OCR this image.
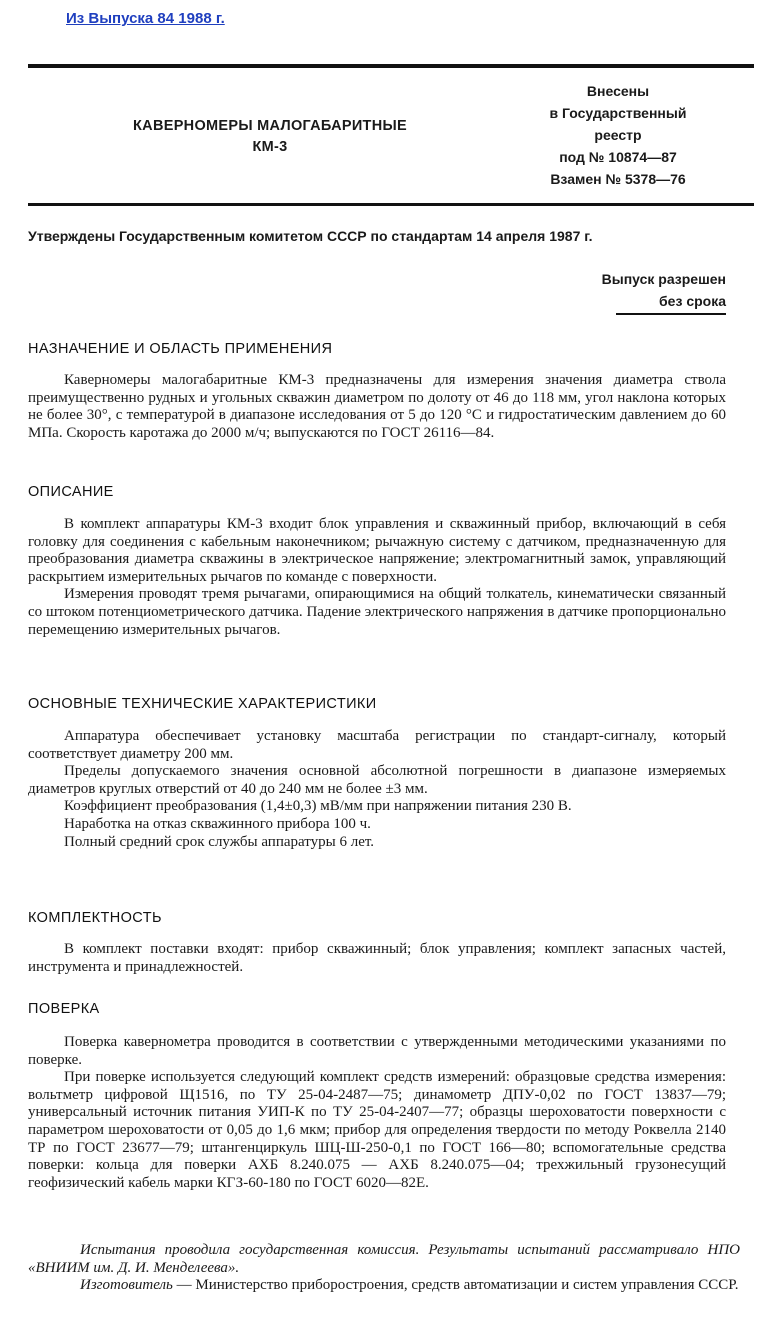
Из Выпуска 84 1988 г.
КАВЕРНОМЕРЫ МАЛОГАБАРИТНЫЕ
КМ-3
Внесены
в Государственный
реестр
под № 10874—87
Взамен № 5378—76
Утверждены Государственным комитетом СССР по стандартам 14 апреля 1987 г.
Выпуск разрешен
без срока
НАЗНАЧЕНИЕ И ОБЛАСТЬ ПРИМЕНЕНИЯ

Каверномеры малогабаритные КМ-3 предназначены для измерения значения диаметра ствола преимущественно рудных и угольных скважин диаметром по долоту от 46 до 118 мм, угол наклона которых не более 30°, с температурой в диапазоне исследования от 5 до 120 °С и гидростатическим давлением до 60 МПа. Скорость каротажа до 2000 м/ч; выпускаются по ГОСТ 26116—84.

ОПИСАНИЕ

В комплект аппаратуры КМ-3 входит блок управления и скважинный прибор, включающий в себя головку для соединения с кабельным наконечником; рычажную систему с датчиком, предназначенную для преобразования диаметра скважины в электрическое напряжение; электромагнитный замок, управляющий раскрытием измерительных рычагов по команде с поверхности.

Измерения проводят тремя рычагами, опирающимися на общий толкатель, кинематически связанный со штоком потенциометрического датчика. Падение электрического напряжения в датчике пропорционально перемещению измерительных рычагов.

ОСНОВНЫЕ ТЕХНИЧЕСКИЕ ХАРАКТЕРИСТИКИ

Аппаратура обеспечивает установку масштаба регистрации по стандарт-сигналу, который соответствует диаметру 200 мм.

Пределы допускаемого значения основной абсолютной погрешности в диапазоне измеряемых диаметров круглых отверстий от 40 до 240 мм не более ±3 мм.

Коэффициент преобразования (1,4±0,3) мВ/мм при напряжении питания 230 В.

Наработка на отказ скважинного прибора 100 ч.

Полный средний срок службы аппаратуры 6 лет.

КОМПЛЕКТНОСТЬ

В комплект поставки входят: прибор скважинный; блок управления; комплект запасных частей, инструмента и принадлежностей.

ПОВЕРКА

Поверка кавернометра проводится в соответствии с утвержденными методическими указаниями по поверке.

При поверке используется следующий комплект средств измерений: образцовые средства измерения: вольтметр цифровой Щ1516, по ТУ 25-04-2487—75; динамометр ДПУ-0,02 по ГОСТ 13837—79; универсальный источник питания УИП-К по ТУ 25-04-2407—77; образцы шероховатости поверхности с параметром шероховатости от 0,05 до 1,6 мкм; прибор для определения твердости по методу Роквелла 2140 ТР по ГОСТ 23677—79; штангенциркуль ШЦ-Ш-250-0,1 по ГОСТ 166—80; вспомогательные средства поверки: кольца для поверки АХБ 8.240.075 — АХБ 8.240.075—04; трехжильный грузонесущий геофизический кабель марки КГЗ-60-180 по ГОСТ 6020—82Е.

Испытания проводила государственная комиссия. Результаты испытаний рассматривало НПО «ВНИИМ им. Д. И. Менделеева».

Изготовитель — Министерство приборостроения, средств автоматизации и систем управления СССР.
